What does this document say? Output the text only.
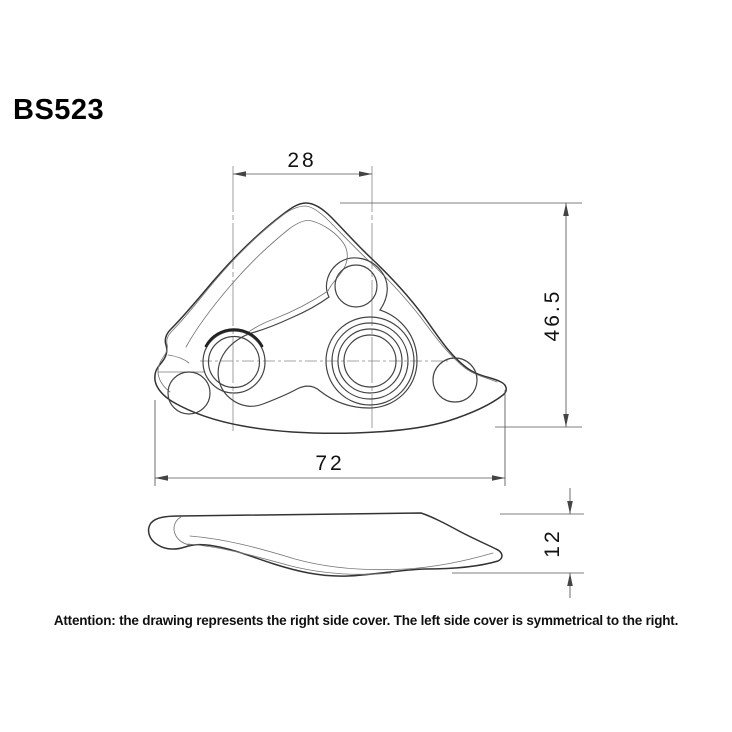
BS523
28
46.5
72
12
Attention: the drawing represents the right side cover. The left side cover is symmetrical to the right.
